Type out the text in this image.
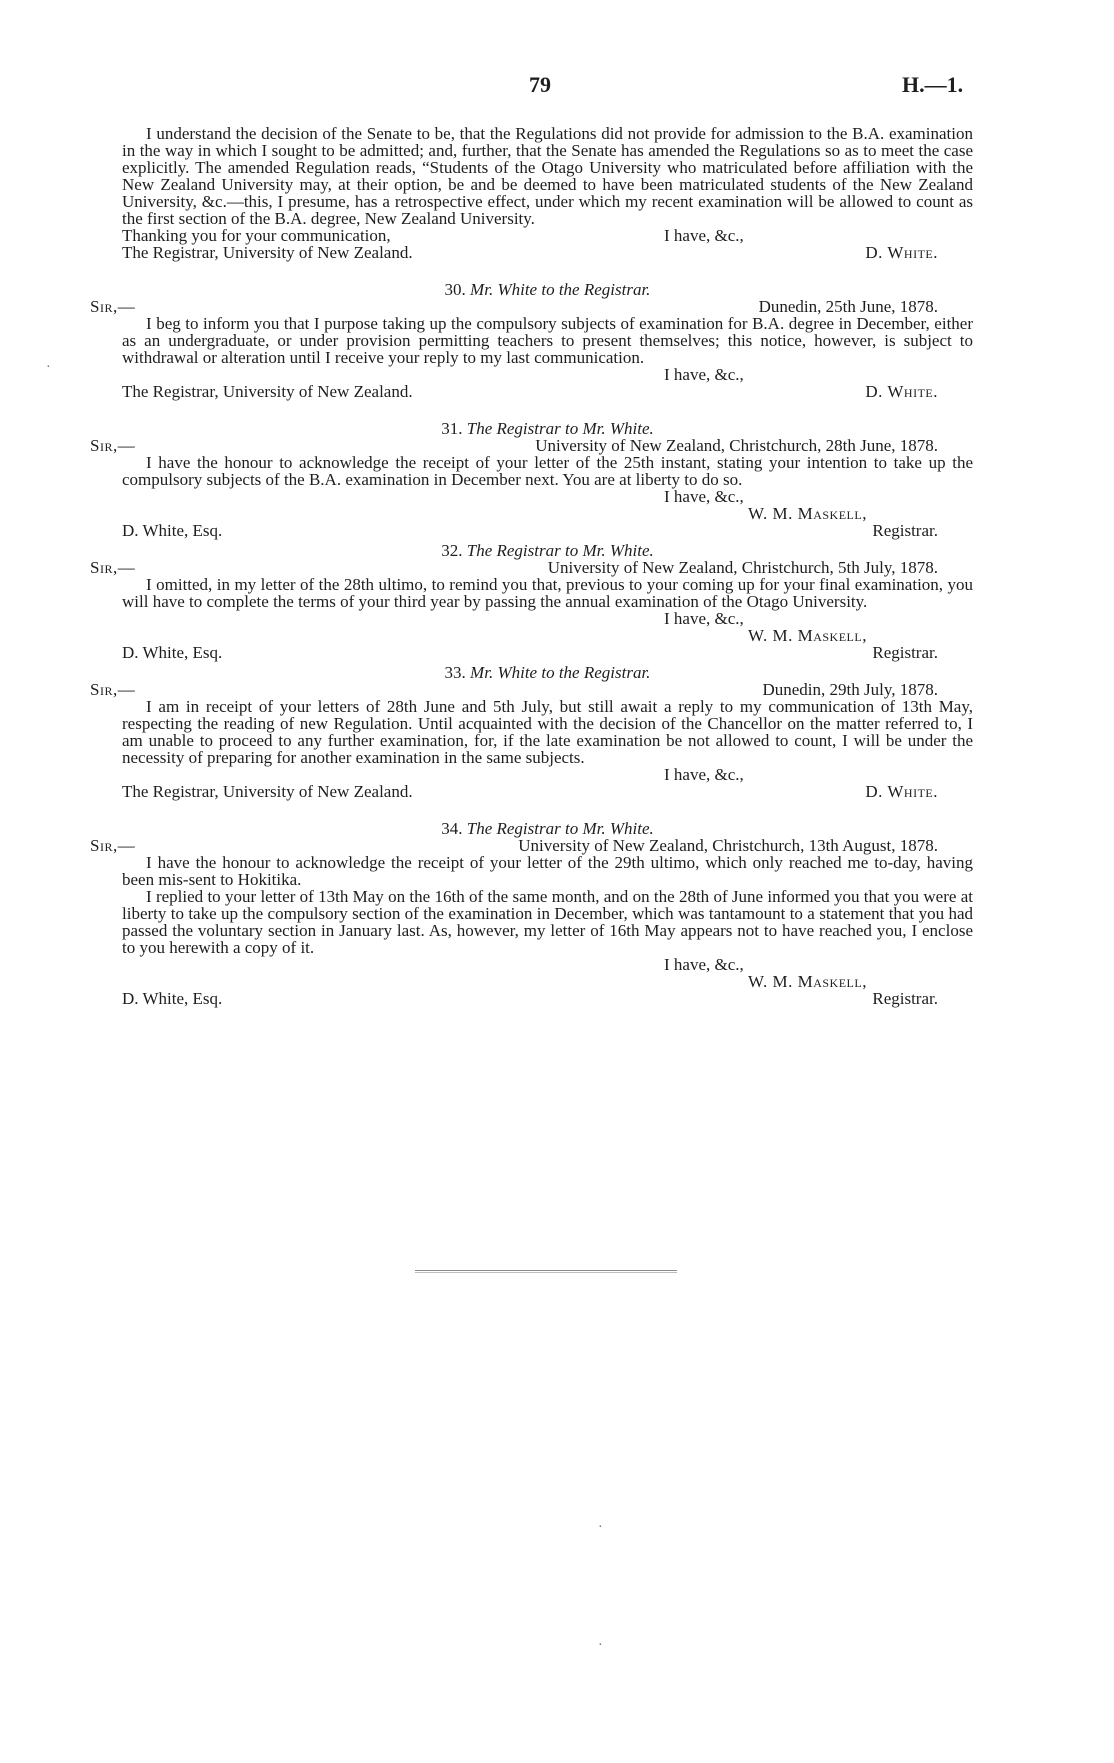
79	H.—1.

I understand the decision of the Senate to be, that the Regulations did not provide for admission to the B.A. examination in the way in which I sought to be admitted; and, further, that the Senate has amended the Regulations so as to meet the case explicitly. The amended Regulation reads, “Students of the Otago University who matriculated before affiliation with the New Zealand University may, at their option, be and be deemed to have been matriculated students of the New Zealand University, &c.—this, I presume, has a retrospective effect, under which my recent examination will be allowed to count as the first section of the B.A. degree, New Zealand University.

Thanking you for your communication,	I have, &c.,
The Registrar, University of New Zealand.	D. White.

30. Mr. White to the Registrar.

Sir,—	Dunedin, 25th June, 1878.

I beg to inform you that I purpose taking up the compulsory subjects of examination for B.A. degree in December, either as an undergraduate, or under provision permitting teachers to present themselves; this notice, however, is subject to withdrawal or alteration until I receive your reply to my last communication.

I have, &c.,
The Registrar, University of New Zealand.	D. White.

31. The Registrar to Mr. White.

Sir,—	University of New Zealand, Christchurch, 28th June, 1878.

I have the honour to acknowledge the receipt of your letter of the 25th instant, stating your intention to take up the compulsory subjects of the B.A. examination in December next. You are at liberty to do so.

I have, &c.,
W. M. Maskell,
D. White, Esq.	Registrar.

32. The Registrar to Mr. White.

Sir,—	University of New Zealand, Christchurch, 5th July, 1878.

I omitted, in my letter of the 28th ultimo, to remind you that, previous to your coming up for your final examination, you will have to complete the terms of your third year by passing the annual examination of the Otago University.

I have, &c.,
W. M. Maskell,
D. White, Esq.	Registrar.

33. Mr. White to the Registrar.

Sir,—	Dunedin, 29th July, 1878.

I am in receipt of your letters of 28th June and 5th July, but still await a reply to my communication of 13th May, respecting the reading of new Regulation. Until acquainted with the decision of the Chancellor on the matter referred to, I am unable to proceed to any further examination, for, if the late examination be not allowed to count, I will be under the necessity of preparing for another examination in the same subjects.

I have, &c.,
The Registrar, University of New Zealand.	D. White.

34. The Registrar to Mr. White.

Sir,—	University of New Zealand, Christchurch, 13th August, 1878.

I have the honour to acknowledge the receipt of your letter of the 29th ultimo, which only reached me to-day, having been mis-sent to Hokitika.

I replied to your letter of 13th May on the 16th of the same month, and on the 28th of June informed you that you were at liberty to take up the compulsory section of the examination in December, which was tantamount to a statement that you had passed the voluntary section in January last. As, however, my letter of 16th May appears not to have reached you, I enclose to you herewith a copy of it.

I have, &c.,
W. M. Maskell,
D. White, Esq.	Registrar.
·
·
·
